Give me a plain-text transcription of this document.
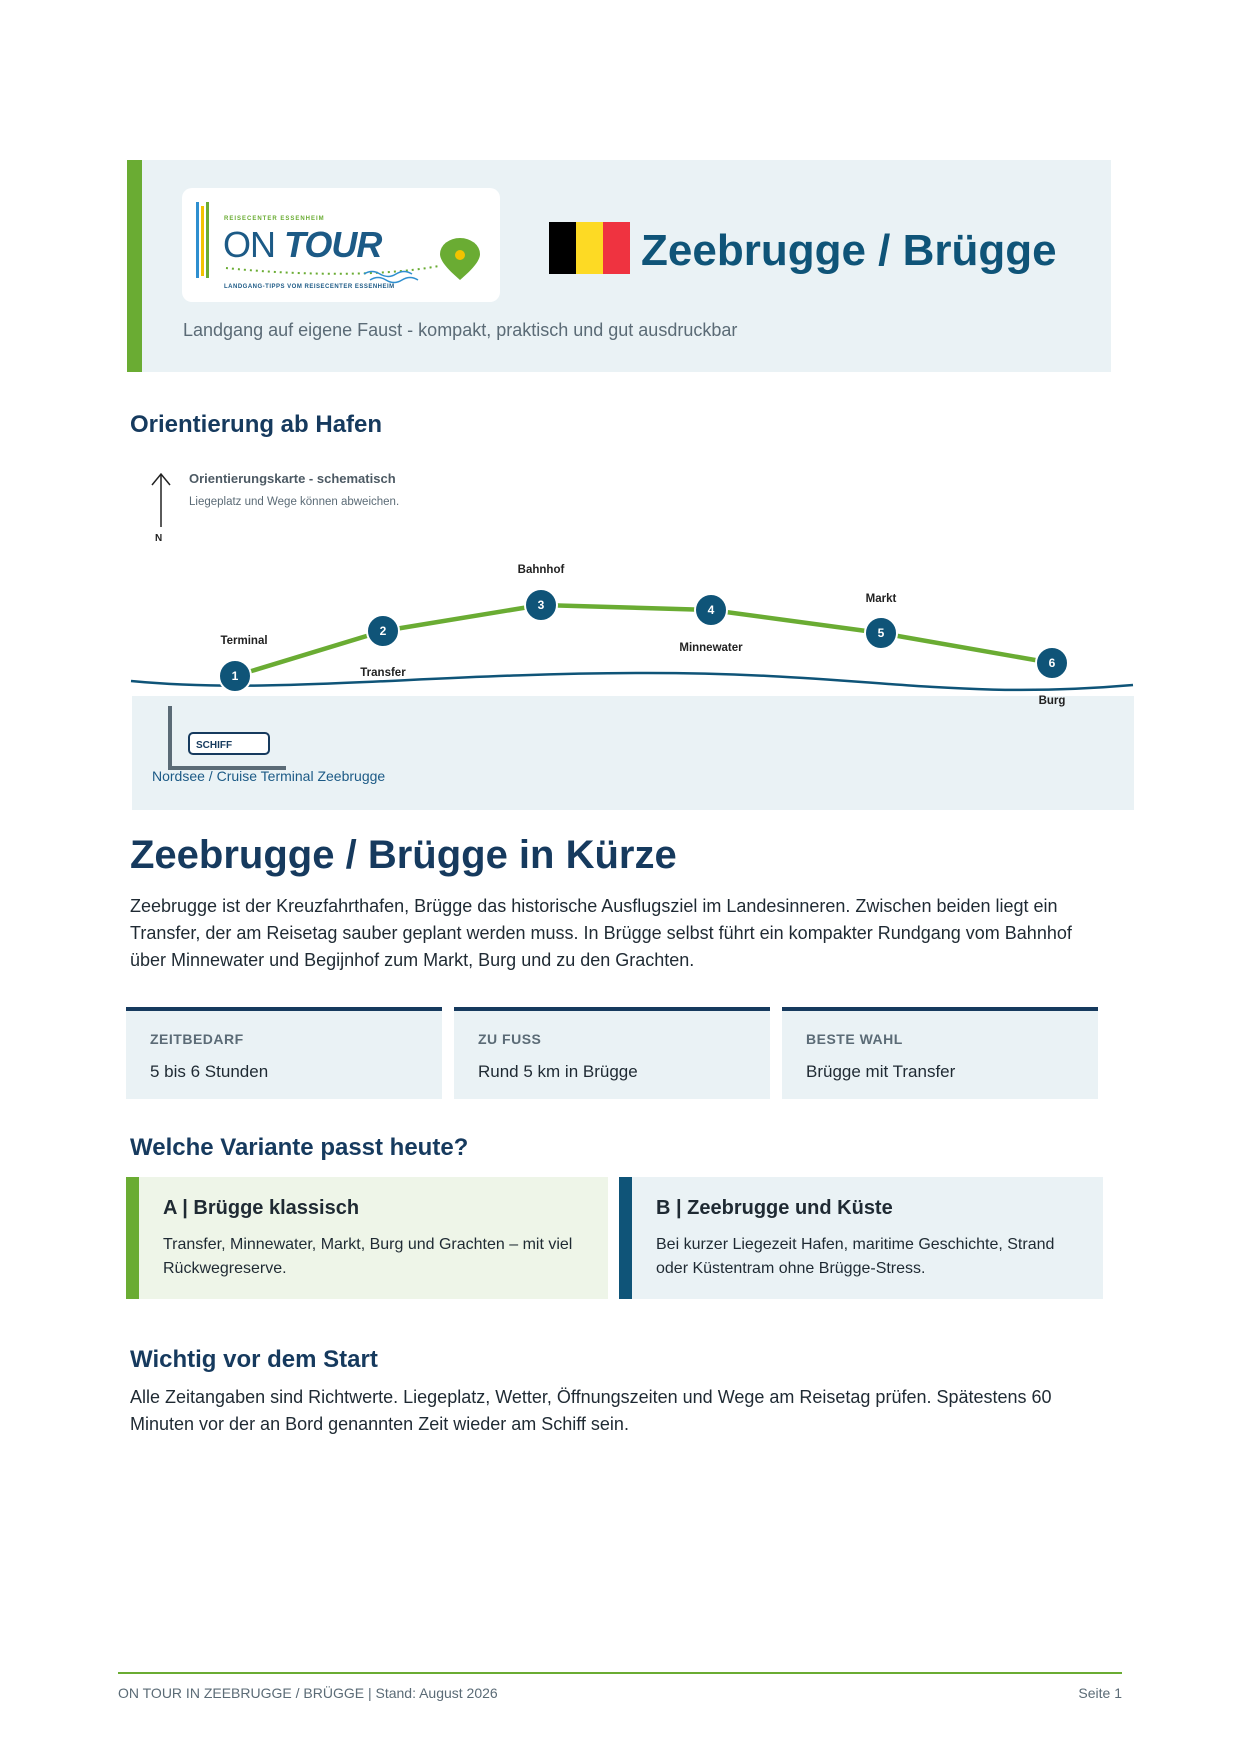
REISECENTER ESSENHEIM
ON TOUR
LANDGANG-TIPPS VOM REISECENTER ESSENHEIM
Zeebrugge / Brügge
Landgang auf eigene Faust - kompakt, praktisch und gut ausdruckbar
Orientierung ab Hafen
SCHIFF
Nordsee / Cruise Terminal Zeebrugge
N
Orientierungskarte - schematisch
Liegeplatz und Wege können abweichen.
1
Terminal
2
Transfer
3
Bahnhof
4
Minnewater
5
Markt
6
Burg
Zeebrugge / Brügge in Kürze

Zeebrugge ist der Kreuzfahrthafen, Brügge das historische Ausflugsziel im Landesinneren. Zwischen beiden liegt ein Transfer, der am Reisetag sauber geplant werden muss. In Brügge selbst führt ein kompakter Rundgang vom Bahnhof über Minnewater und Begijnhof zum Markt, Burg und zu den Grachten.

ZEITBEDARF
5 bis 6 Stunden
ZU FUSS
Rund 5 km in Brügge
BESTE WAHL
Brügge mit Transfer
Welche Variante passt heute?
A | Brügge klassisch

Transfer, Minnewater, Markt, Burg und Grachten – mit viel Rückwegreserve.

B | Zeebrugge und Küste

Bei kurzer Liegezeit Hafen, maritime Geschichte, Strand oder Küstentram ohne Brügge-Stress.

Wichtig vor dem Start

Alle Zeitangaben sind Richtwerte. Liegeplatz, Wetter, Öffnungszeiten und Wege am Reisetag prüfen. Spätestens 60 Minuten vor der an Bord genannten Zeit wieder am Schiff sein.

ON TOUR IN ZEEBRUGGE / BRÜGGE | Stand: August 2026	Seite 1
